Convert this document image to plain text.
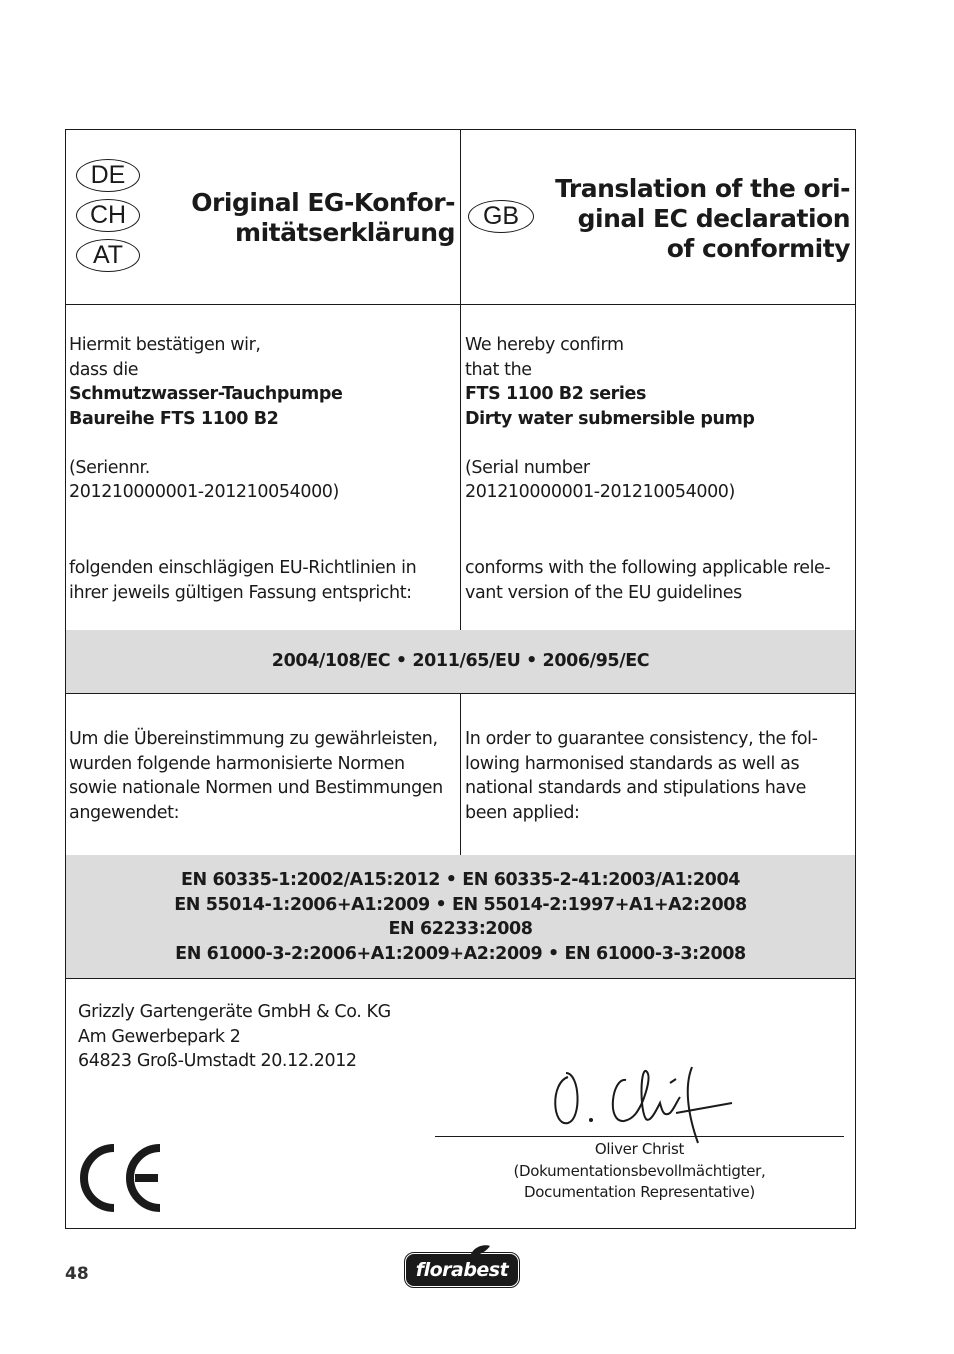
DE
CH
AT
Original EG-Konfor-
mitätserklärung
GB
Translation of the ori-
ginal EC declaration
of conformity
Hiermit bestätigen wir,
dass die
Schmutzwasser-Tauchpumpe
Baureihe FTS 1100 B2
(Seriennr.
201210000001-201210054000)
folgenden einschlägigen EU-Richtlinien in
ihrer jeweils gültigen Fassung entspricht:
We hereby confirm
that the
FTS 1100 B2 series
Dirty water submersible pump
(Serial number
201210000001-201210054000)
conforms with the following applicable rele-
vant version of the EU guidelines
2004/108/EC • 2011/65/EU • 2006/95/EC
Um die Übereinstimmung zu gewährleisten,
wurden folgende harmonisierte Normen
sowie nationale Normen und Bestimmungen
angewendet:
In order to guarantee consistency, the fol-
lowing harmonised standards as well as
national standards and stipulations have
been applied:
EN 60335-1:2002/A15:2012 • EN 60335-2-41:2003/A1:2004
EN 55014-1:2006+A1:2009 • EN 55014-2:1997+A1+A2:2008
EN 62233:2008
EN 61000-3-2:2006+A1:2009+A2:2009 • EN 61000-3-3:2008
Grizzly Gartengeräte GmbH & Co. KG
Am Gewerbepark 2
64823 Groß-Umstadt 20.12.2012
Oliver Christ
(Dokumentationsbevollmächtigter,
Documentation Representative)
48	florabest
